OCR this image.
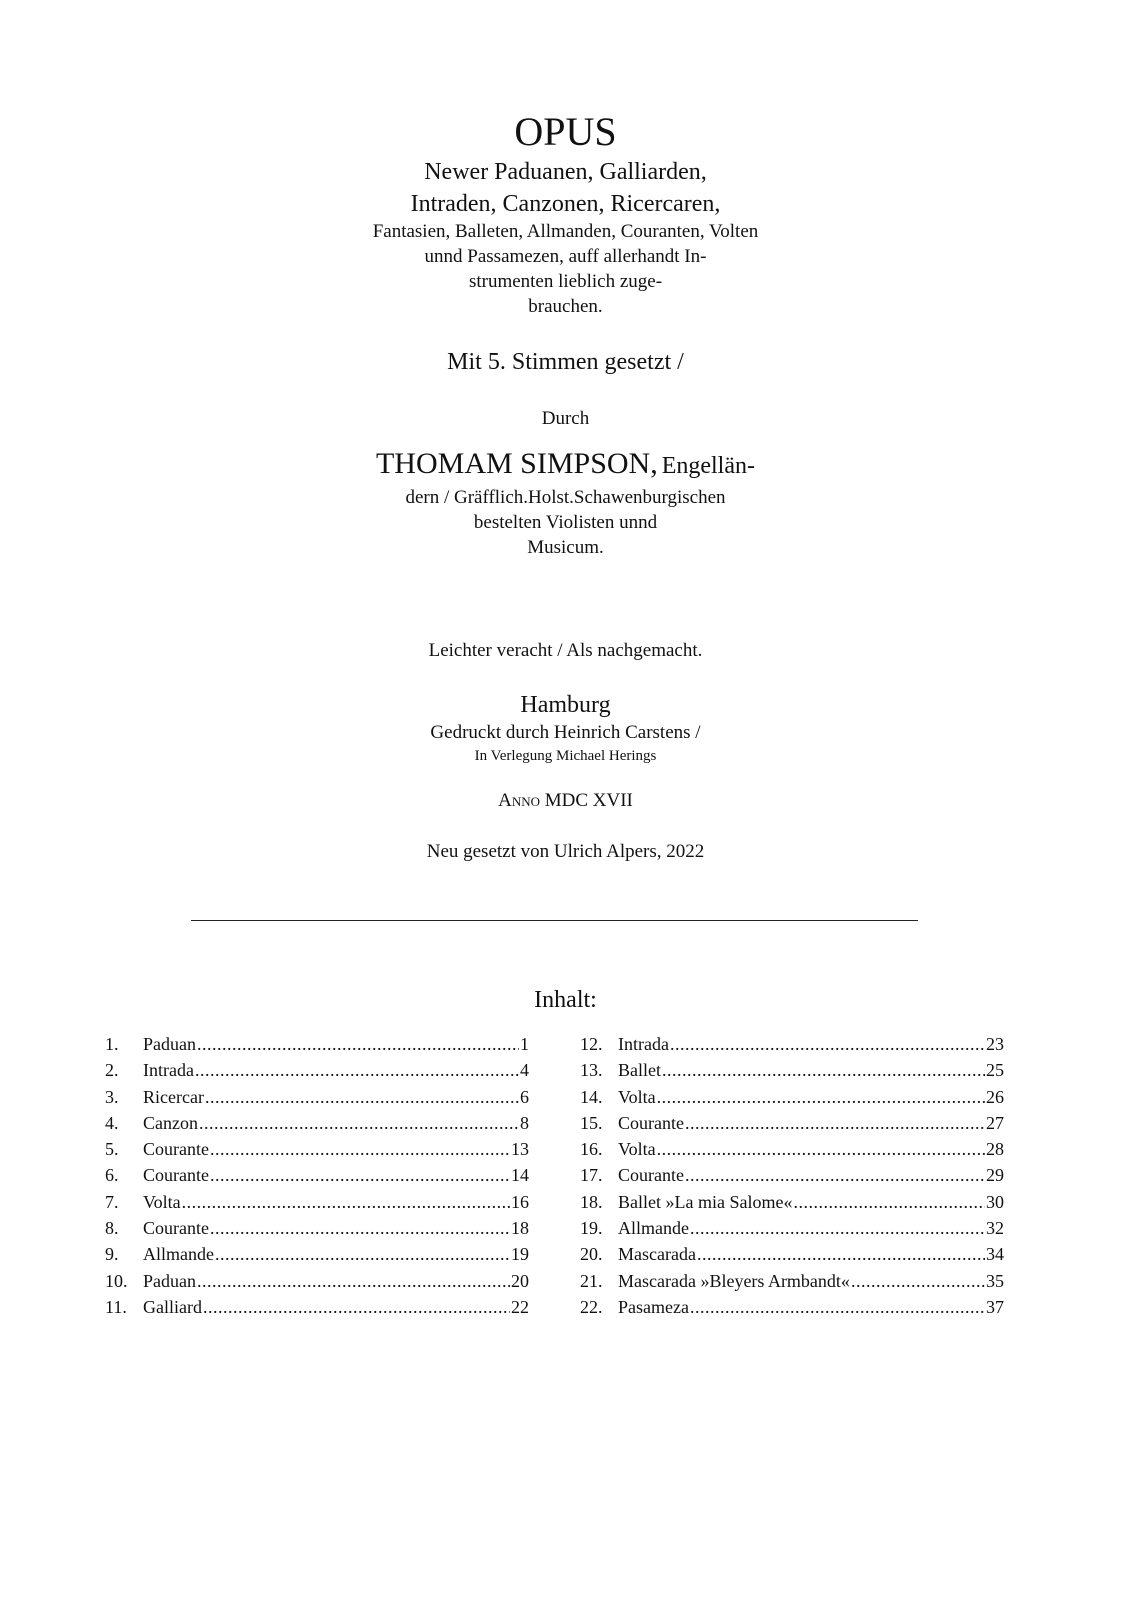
OPUS
Newer Paduanen, Galliarden,
Intraden, Canzonen, Ricercaren,
Fantasien, Balleten, Allmanden, Couranten, Volten
unnd Passamezen, auff allerhandt In-
strumenten lieblich zuge-
brauchen.
Mit 5. Stimmen gesetzt /
Durch
THOMAM SIMPSON, Engellän-
dern / Gräfflich.Holst.Schawenburgischen
bestelten Violisten unnd
Musicum.
Leichter veracht / Als nachgemacht.
Hamburg
Gedruckt durch Heinrich Carstens /
In Verlegung Michael Herings
Anno MDC XVII
Neu gesetzt von Ulrich Alpers, 2022
Inhalt:
1.	Paduan .....	1
2.	Intrada .....	4
3.	Ricercar .....	6
4.	Canzon .....	8
5.	Courante .....	13
6.	Courante .....	14
7.	Volta .....	16
8.	Courante .....	18
9.	Allmande .....	19
10. Paduan .....	20
11. Galliard .....	22
12. Intrada .....	23
13. Ballet .....	25
14. Volta .....	26
15. Courante .....	27
16. Volta .....	28
17. Courante .....	29
18. Ballet »La mia Salome« .....	30
19. Allmande .....	32
20. Mascarada .....	34
21. Mascarada »Bleyers Armbandt« .....	35
22. Pasameza .....	37
